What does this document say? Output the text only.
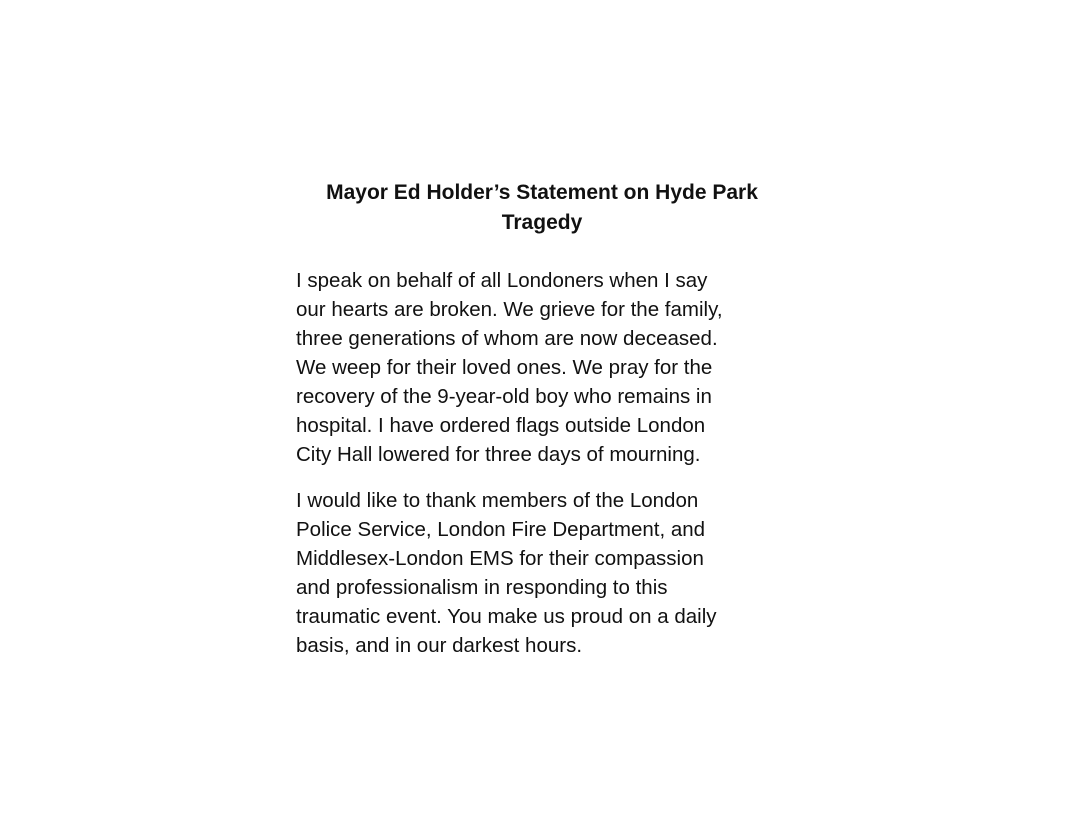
Mayor Ed Holder’s Statement on Hyde Park
Tragedy

I speak on behalf of all Londoners when I say
our hearts are broken. We grieve for the family,
three generations of whom are now deceased.
We weep for their loved ones. We pray for the
recovery of the 9-year-old boy who remains in
hospital. I have ordered flags outside London
City Hall lowered for three days of mourning.

I would like to thank members of the London
Police Service, London Fire Department, and
Middlesex-London EMS for their compassion
and professionalism in responding to this
traumatic event. You make us proud on a daily
basis, and in our darkest hours.
